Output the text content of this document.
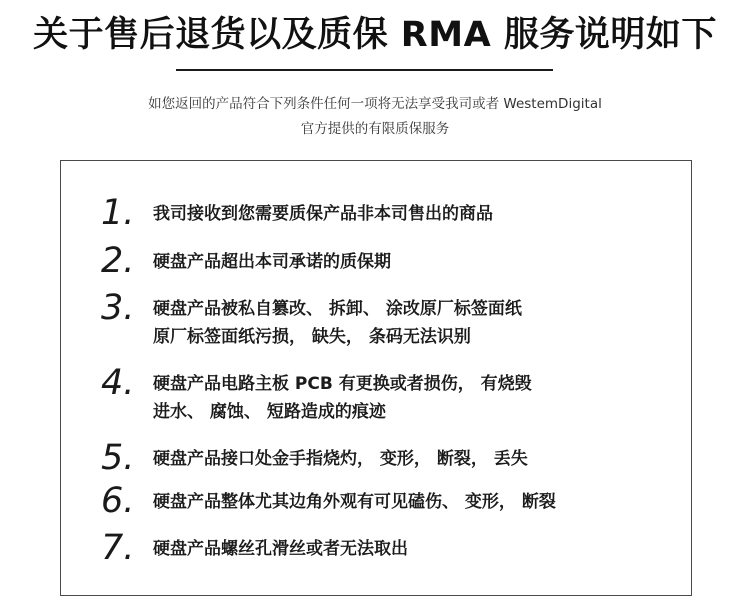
关于售后退货以及质保 RMA 服务说明如下
如您返回的产品符合下列条件任何一项将无法享受我司或者 WestemDigital
官方提供的有限质保服务
1. 我司接收到您需要质保产品非本司售出的商品
2. 硬盘产品超出本司承诺的质保期
3. 硬盘产品被私自篡改、 拆卸、 涂改原厂标签面纸
原厂标签面纸污损， 缺失， 条码无法识别
4. 硬盘产品电路主板 PCB 有更换或者损伤， 有烧毁
进水、 腐蚀、 短路造成的痕迹
5. 硬盘产品接口处金手指烧灼， 变形， 断裂， 丢失
6. 硬盘产品整体尤其边角外观有可见磕伤、 变形， 断裂
7. 硬盘产品螺丝孔滑丝或者无法取出
